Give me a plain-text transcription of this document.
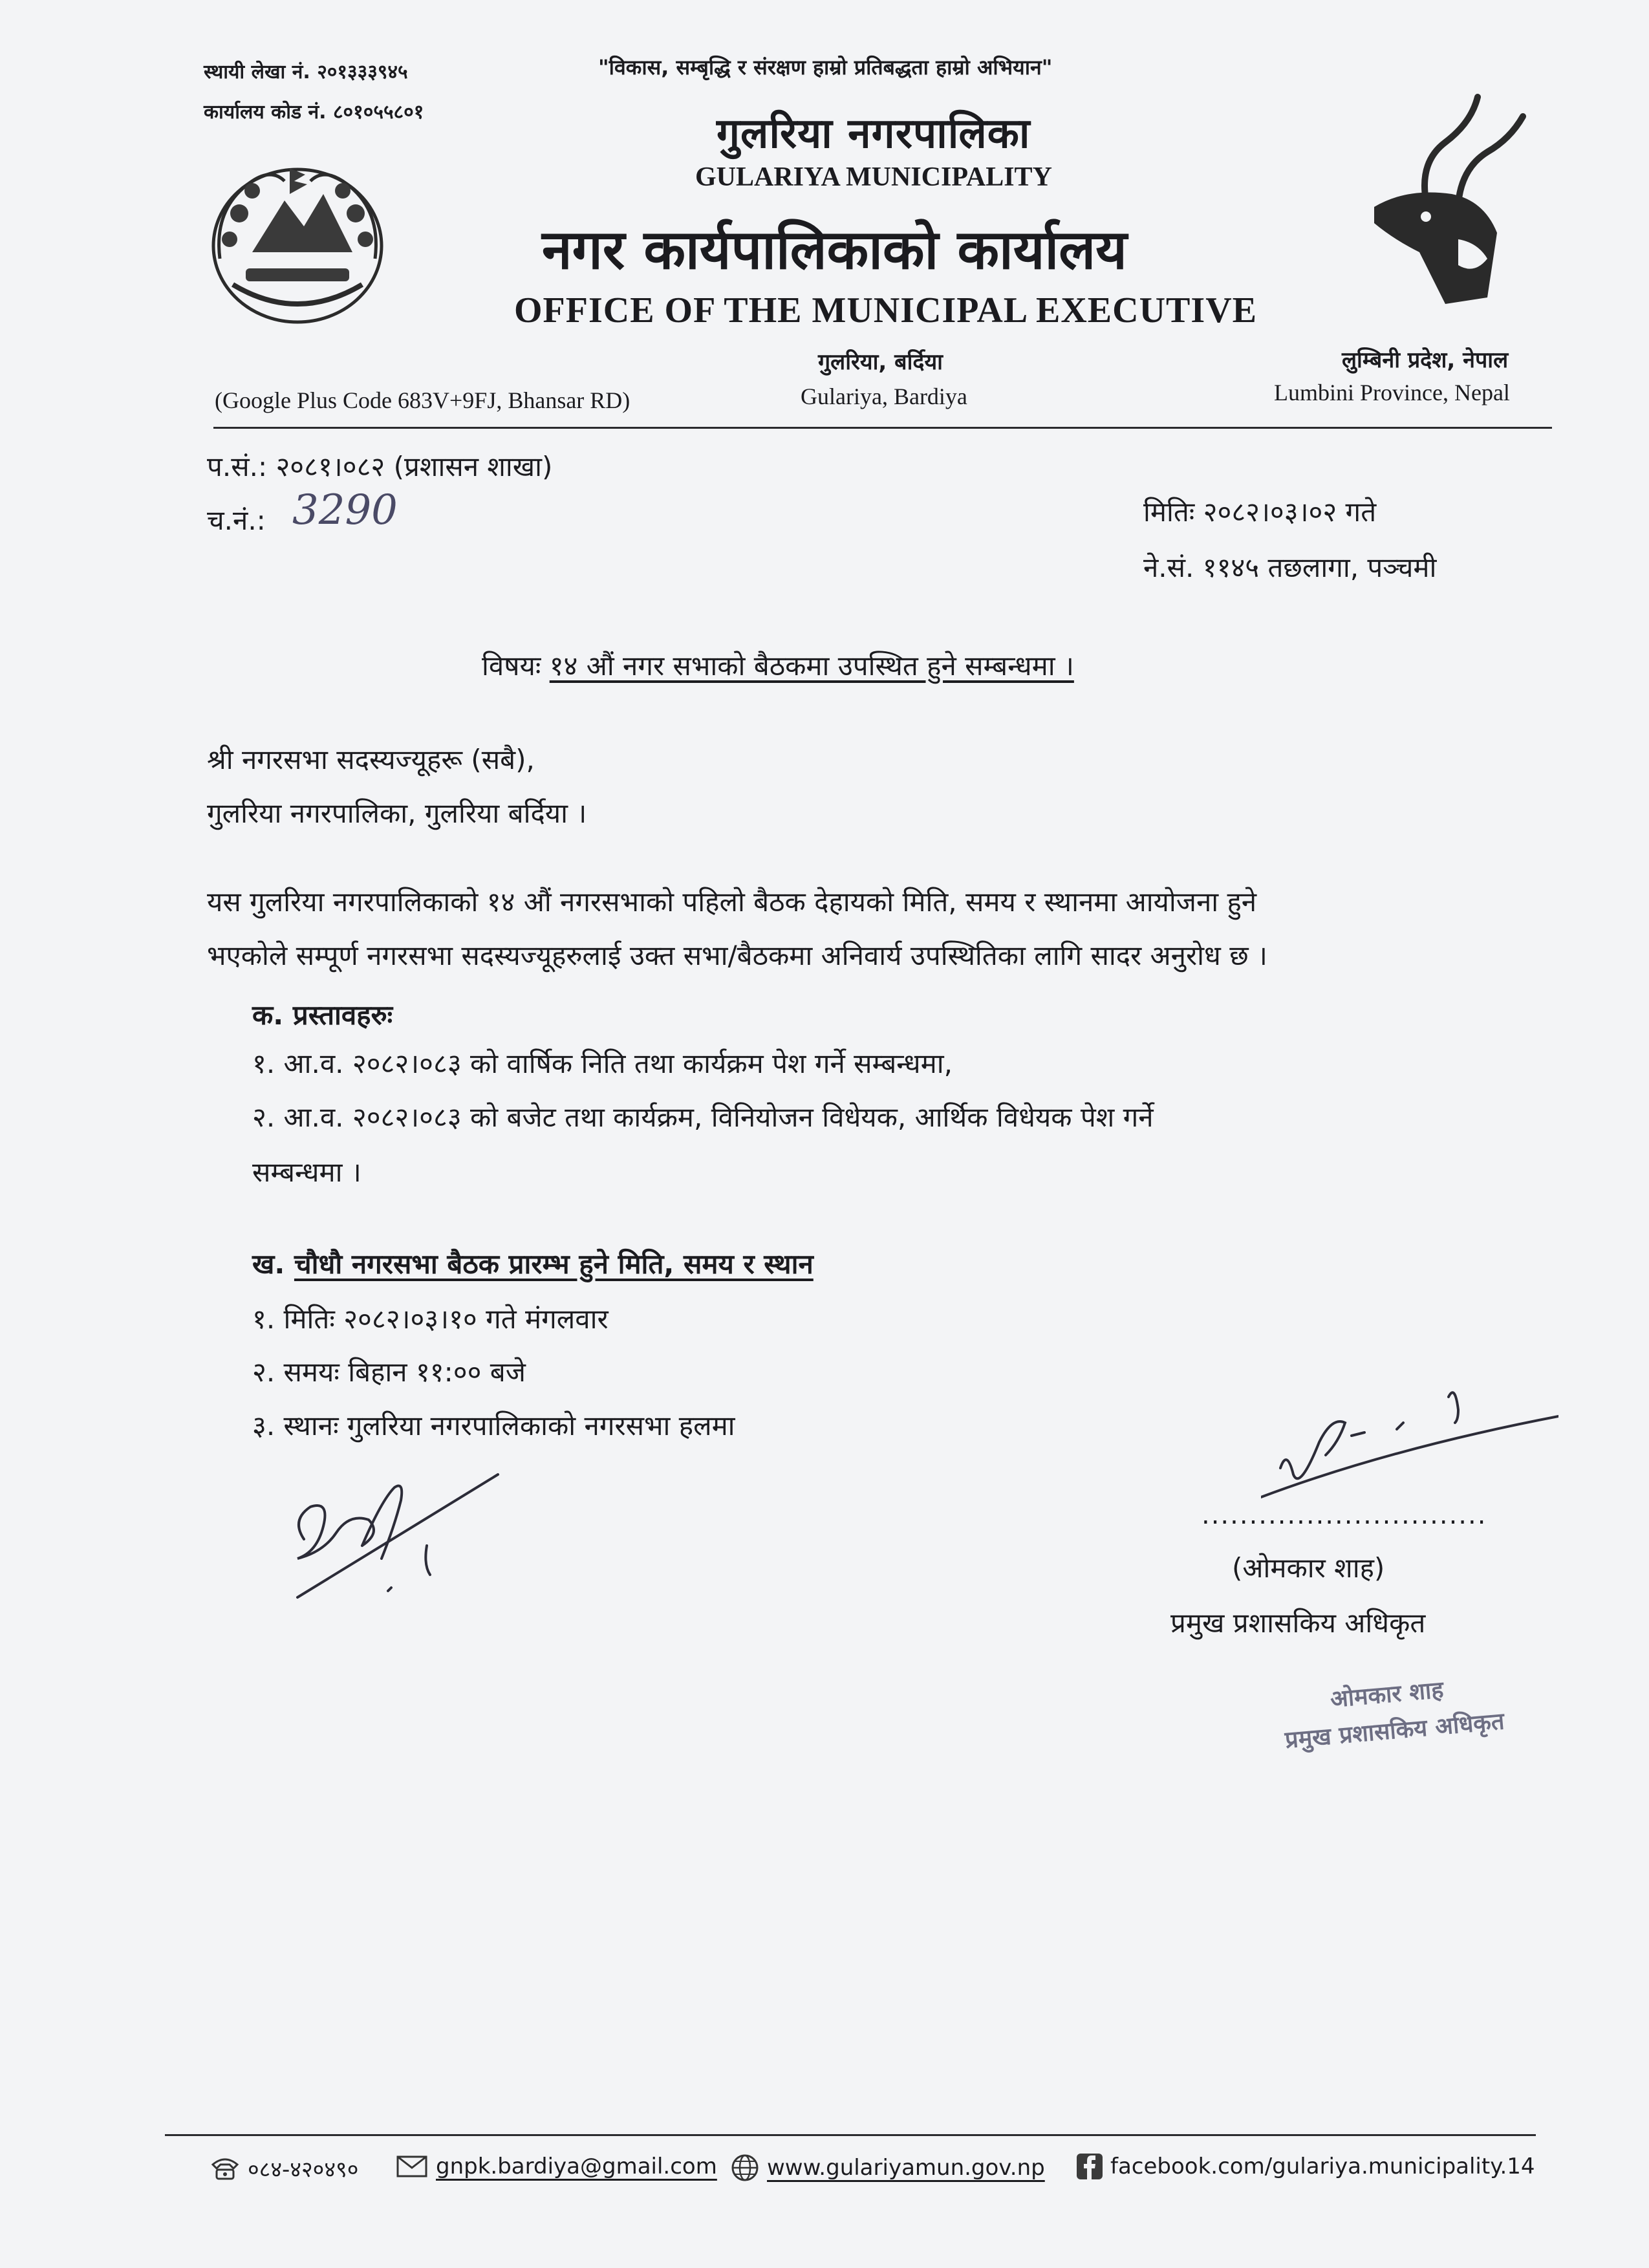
स्थायी लेखा नं. २०१३३३९४५
कार्यालय कोड नं. ८०१०५५८०१
"विकास, सम्बृद्धि र संरक्षण हाम्रो प्रतिबद्धता हाम्रो अभियान"
गुलरिया नगरपालिका
GULARIYA MUNICIPALITY
नगर कार्यपालिकाको कार्यालय
OFFICE OF THE MUNICIPAL EXECUTIVE
गुलरिया, बर्दिया
Gulariya, Bardiya
(Google Plus Code 683V+9FJ, Bhansar RD)
लुम्बिनी प्रदेश, नेपाल
Lumbini Province, Nepal
प.सं.: २०८१।०८२ (प्रशासन शाखा)
च.नं.: 3290	मितिः २०८२।०३।०२ गते
ने.सं. ११४५ तछलागा, पञ्चमी
विषयः १४ औं नगर सभाको बैठकमा उपस्थित हुने सम्बन्धमा ।
श्री नगरसभा सदस्यज्यूहरू (सबै),
गुलरिया नगरपालिका, गुलरिया बर्दिया ।
यस गुलरिया नगरपालिकाको १४ औं नगरसभाको पहिलो बैठक देहायको मिति, समय र स्थानमा आयोजना हुने
भएकोले सम्पूर्ण नगरसभा सदस्यज्यूहरुलाई उक्त सभा/बैठकमा अनिवार्य उपस्थितिका लागि सादर अनुरोध छ ।
क. प्रस्तावहरुः
१. आ.व. २०८२।०८३ को वार्षिक निति तथा कार्यक्रम पेश गर्ने सम्बन्धमा,
२. आ.व. २०८२।०८३ को बजेट तथा कार्यक्रम, विनियोजन विधेयक, आर्थिक विधेयक पेश गर्ने
सम्बन्धमा ।
ख. चौधौ नगरसभा बैठक प्रारम्भ हुने मिति, समय र स्थान
१. मितिः २०८२।०३।१० गते मंगलवार
२. समयः बिहान ११:०० बजे
३. स्थानः गुलरिया नगरपालिकाको नगरसभा हलमा
..............................
(ओमकार शाह)
प्रमुख प्रशासकिय अधिकृत
ओमकार शाह
प्रमुख प्रशासकिय अधिकृत
०८४-४२०४९०	gnpk.bardiya@gmail.com www.gulariyamun.gov.np	facebook.com/gulariya.municipality.14
